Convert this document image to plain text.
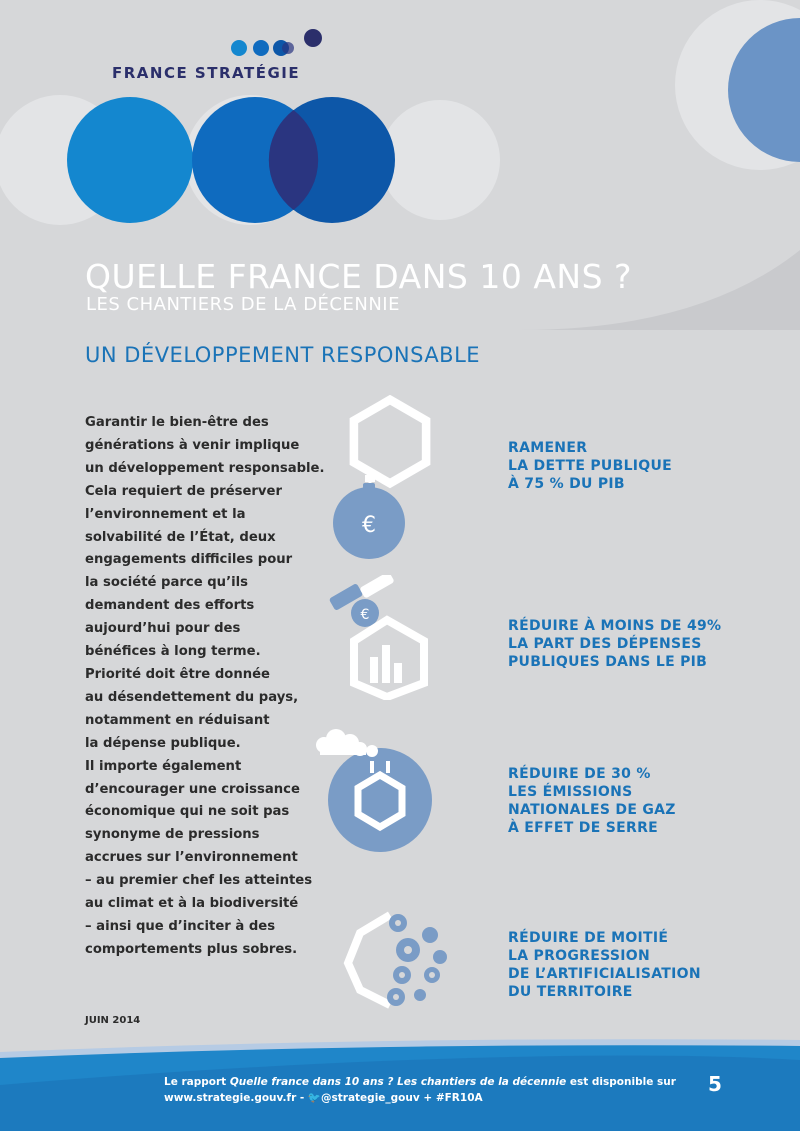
FRANCE STRATÉGIE
QUELLE FRANCE DANS 10 ANS ?
LES CHANTIERS DE LA DÉCENNIE
UN DÉVELOPPEMENT RESPONSABLE
Garantir le bien-être des
générations à venir implique
un développement responsable.
Cela requiert de préserver
l’environnement et la
solvabilité de l’État, deux
engagements difficiles pour
la société parce qu’ils
demandent des efforts
aujourd’hui pour des
bénéfices à long terme.
Priorité doit être donnée
au désendettement du pays,
notamment en réduisant
la dépense publique.
Il importe également
d’encourager une croissance
économique qui ne soit pas
synonyme de pressions
accrues sur l’environnement
– au premier chef les atteintes
au climat et à la biodiversité
– ainsi que d’inciter à des
comportements plus sobres.
€
€
RAMENER
LA DETTE PUBLIQUE
À 75 % DU PIB
RÉDUIRE À MOINS DE 49%
LA PART DES DÉPENSES
PUBLIQUES DANS LE PIB
RÉDUIRE DE 30 %
LES ÉMISSIONS
NATIONALES DE GAZ
À EFFET DE SERRE
RÉDUIRE DE MOITIÉ
LA PROGRESSION
DE L’ARTIFICIALISATION
DU TERRITOIRE
JUIN 2014
Le rapport Quelle france dans 10 ans ? Les chantiers de la décennie est disponible sur
www.strategie.gouv.fr - 🐦@strategie_gouv + #FR10A
5
